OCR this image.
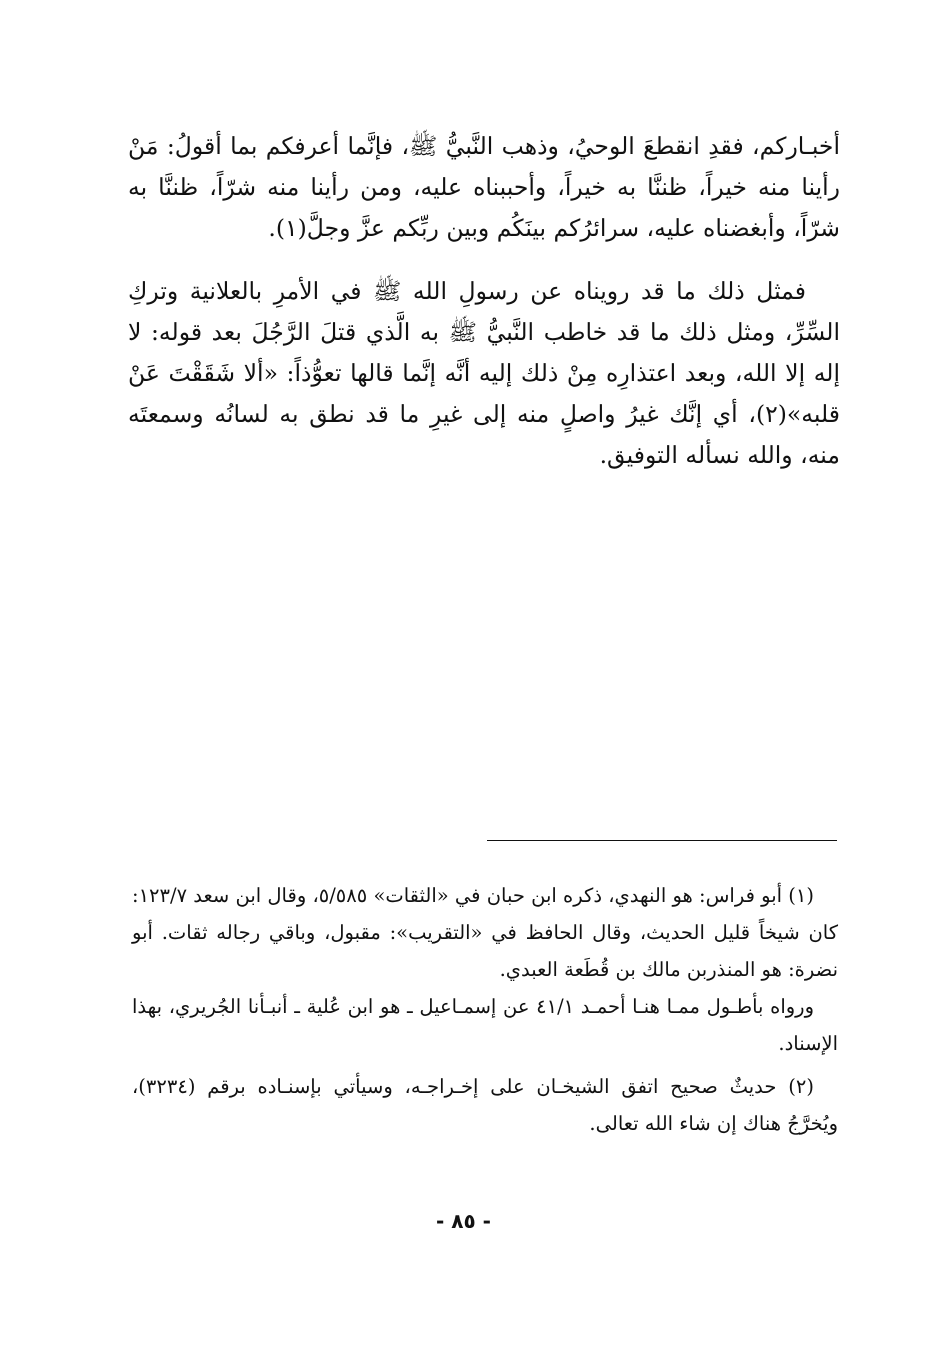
أخبـاركم، فقدِ انقطعَ الوحيُ، وذهب النَّبيُّ ﷺ، فإنَّما أعرفكم بما أقولُ: مَنْ رأينا منه خيراً، ظننَّا به خيراً، وأحببناه عليه، ومن رأينا منه شرّاً، ظننَّا به شرّاً، وأبغضناه عليه، سرائرُكم بينَكُم وبين ربِّكم عزَّ وجلَّ(١).

فمثل ذلك ما قد رويناه عن رسولِ الله ﷺ في الأمرِ بالعلانية وتركِ السِّرِّ، ومثل ذلك ما قد خاطب النَّبيُّ ﷺ به الَّذي قتلَ الرَّجُلَ بعد قوله: لا إله إلا الله، وبعد اعتذارِه مِنْ ذلك إليه أنَّه إنَّما قالها تعوُّذاً: «ألا شَقَقْتَ عَنْ قلبه»(٢)، أي إنَّك غيرُ واصلٍ منه إلى غيرِ ما قد نطق به لسانُه وسمعتَه منه، والله نسأله التوفيق.

(١) أبو فراس: هو النهدي، ذكره ابن حبان في «الثقات» ٥/٥٨٥، وقال ابن سعد ١٢٣/٧: كان شيخاً قليل الحديث، وقال الحافظ في «التقريب»: مقبول، وباقي رجاله ثقات. أبو نضرة: هو المنذربن مالك بن قُطَعة العبدي.

ورواه بأطـول ممـا هنـا أحمـد ٤١/١ عن إسمـاعيل ـ هو ابن عُلية ـ أنبـأنا الجُريري، بهذا الإسناد.

(٢) حديثٌ صحيح اتفق الشيخـان على إخـراجـه، وسيأتي بإسنـاده برقم (٣٢٣٤)، ويُخرَّجُ هناك إن شاء الله تعالى.

- ٨٥ -
